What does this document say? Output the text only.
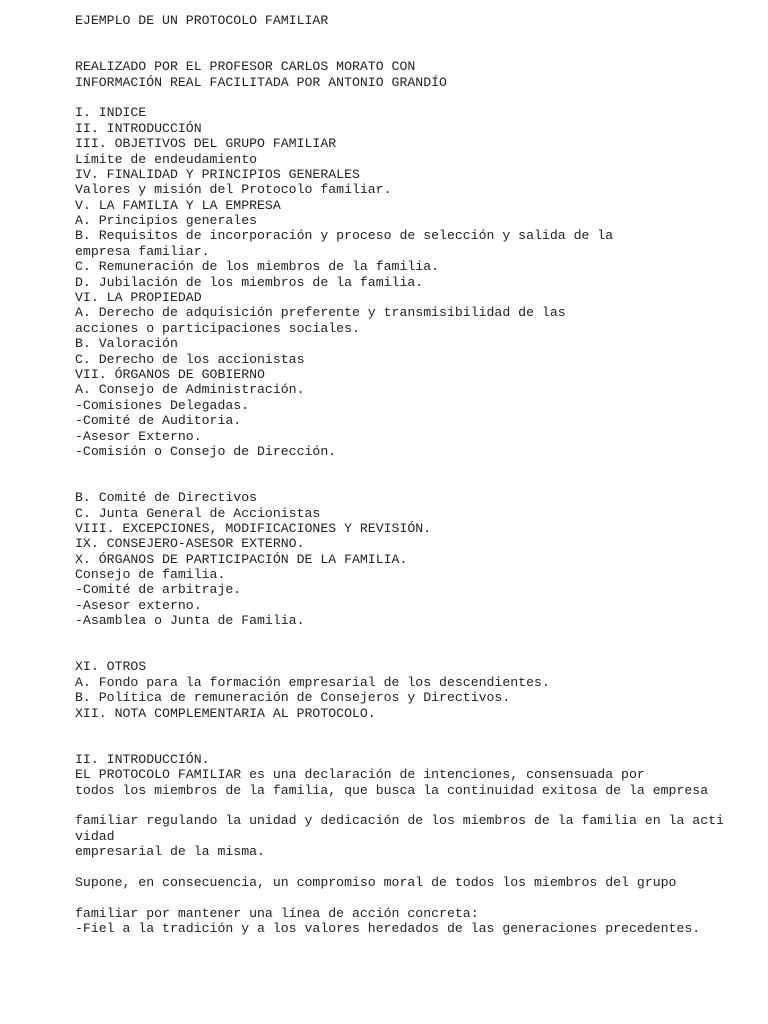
EJEMPLO DE UN PROTOCOLO FAMILIAR
REALIZADO POR EL PROFESOR CARLOS MORATO CON
INFORMACIÓN REAL FACILITADA POR ANTONIO GRANDÍO
I. INDICE
II. INTRODUCCIÓN
III. OBJETIVOS DEL GRUPO FAMILIAR
Límite de endeudamiento
IV. FINALIDAD Y PRINCIPIOS GENERALES
Valores y misión del Protocolo familiar.
V. LA FAMILIA Y LA EMPRESA
A. Principios generales
B. Requisitos de incorporación y proceso de selección y salida de la
empresa familiar.
C. Remuneración de los miembros de la familia.
D. Jubilación de los miembros de la familia.
VI. LA PROPIEDAD
A. Derecho de adquisición preferente y transmisibilidad de las
acciones o participaciones sociales.
B. Valoración
C. Derecho de los accionistas
VII. ÓRGANOS DE GOBIERNO
A. Consejo de Administración.
-Comisiones Delegadas.
-Comité de Auditoria.
-Asesor Externo.
-Comisión o Consejo de Dirección.
B. Comité de Directivos
C. Junta General de Accionistas
VIII. EXCEPCIONES, MODIFICACIONES Y REVISIÓN.
IX. CONSEJERO-ASESOR EXTERNO.
X. ÓRGANOS DE PARTICIPACIÓN DE LA FAMILIA.
Consejo de familia.
-Comité de arbitraje.
-Asesor externo.
-Asamblea o Junta de Familia.
XI. OTROS
A. Fondo para la formación empresarial de los descendientes.
B. Política de remuneración de Consejeros y Directivos.
XII. NOTA COMPLEMENTARIA AL PROTOCOLO.
II. INTRODUCCIÓN.
EL PROTOCOLO FAMILIAR es una declaración de intenciones, consensuada por
todos los miembros de la familia, que busca la continuidad exitosa de la empresa
familiar regulando la unidad y dedicación de los miembros de la familia en la acti
vidad
empresarial de la misma.
Supone, en consecuencia, un compromiso moral de todos los miembros del grupo
familiar por mantener una línea de acción concreta:
-Fiel a la tradición y a los valores heredados de las generaciones precedentes.
